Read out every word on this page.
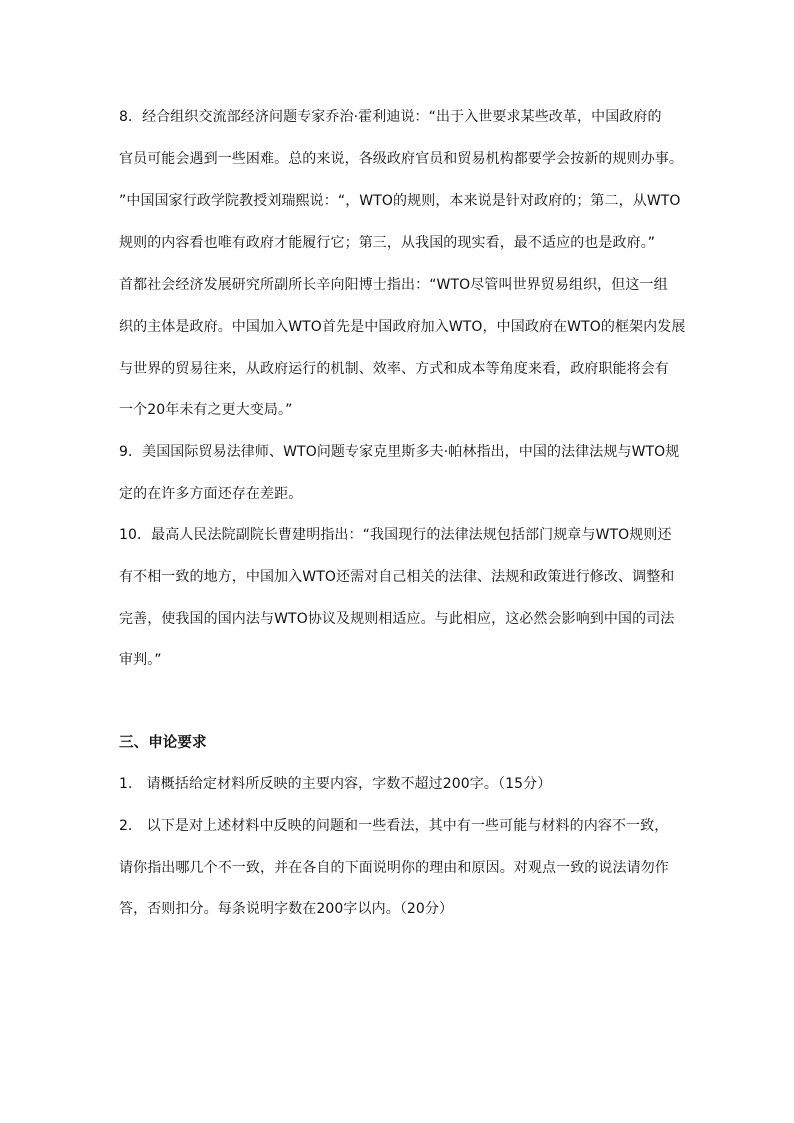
8．经合组织交流部经济问题专家乔治·霍利迪说：“出于入世要求某些改革，中国政府的
官员可能会遇到一些困难。总的来说，各级政府官员和贸易机构都要学会按新的规则办事。
”中国国家行政学院教授刘瑞熙说：“，WTO的规则，本来说是针对政府的；第二，从WTO
规则的内容看也唯有政府才能履行它；第三，从我国的现实看，最不适应的也是政府。”
首都社会经济发展研究所副所长辛向阳博士指出：“WTO尽管叫世界贸易组织，但这一组
织的主体是政府。中国加入WTO首先是中国政府加入WTO，中国政府在WTO的框架内发展
与世界的贸易往来，从政府运行的机制、效率、方式和成本等角度来看，政府职能将会有
一个20年未有之更大变局。”
9．美国国际贸易法律师、WTO问题专家克里斯多夫·帕林指出，中国的法律法规与WTO规
定的在许多方面还存在差距。
10．最高人民法院副院长曹建明指出：“我国现行的法律法规包括部门规章与WTO规则还
有不相一致的地方，中国加入WTO还需对自己相关的法律、法规和政策进行修改、调整和
完善，使我国的国内法与WTO协议及规则相适应。与此相应，这必然会影响到中国的司法
审判。”
三、申论要求
1． 请概括给定材料所反映的主要内容，字数不超过200字。（15分）
2． 以下是对上述材料中反映的问题和一些看法，其中有一些可能与材料的内容不一致，
请你指出哪几个不一致，并在各自的下面说明你的理由和原因。对观点一致的说法请勿作
答，否则扣分。每条说明字数在200字以内。（20分）
